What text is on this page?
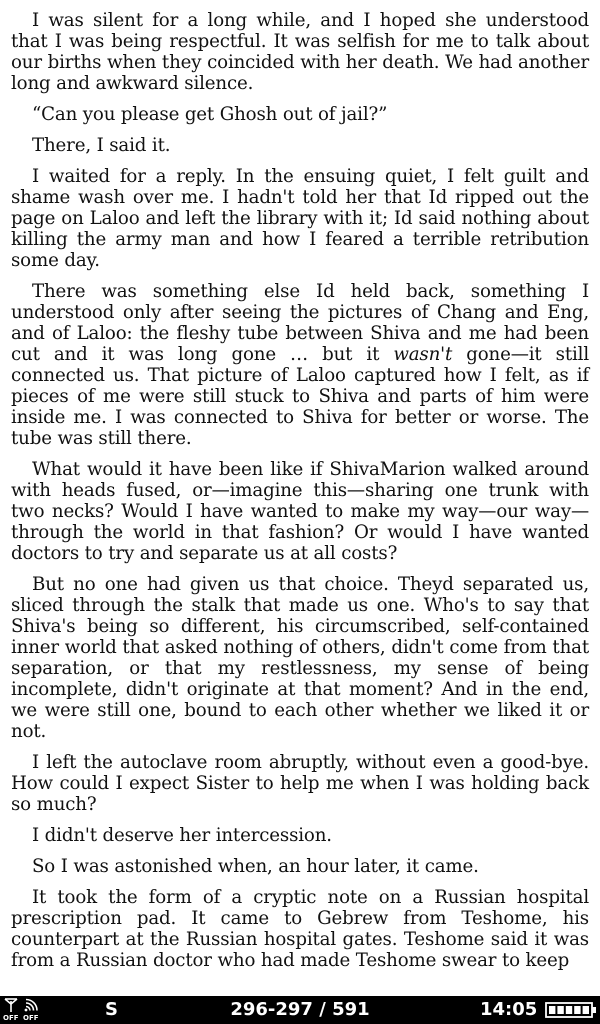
I was silent for a long while, and I hoped she understood that I was being respectful. It was selfish for me to talk about our births when they coincided with her death. We had another long and awkward silence.

“Can you please get Ghosh out of jail?”

There, I said it.

I waited for a reply. In the ensuing quiet, I felt guilt and shame wash over me. I hadn't told her that Id ripped out the page on Laloo and left the library with it; Id said nothing about killing the army man and how I feared a terrible retribution some day.

There was something else Id held back, something I understood only after seeing the pictures of Chang and Eng, and of Laloo: the fleshy tube between Shiva and me had been cut and it was long gone … but it wasn't gone—it still connected us. That picture of Laloo captured how I felt, as if pieces of me were still stuck to Shiva and parts of him were inside me. I was connected to Shiva for better or worse. The tube was still there.

What would it have been like if ShivaMarion walked around with heads fused, or—imagine this—sharing one trunk with two necks? Would I have wanted to make my way—our way—through the world in that fashion? Or would I have wanted doctors to try and separate us at all costs?

But no one had given us that choice. Theyd separated us, sliced through the stalk that made us one. Who's to say that Shiva's being so different, his circumscribed, self-contained inner world that asked nothing of others, didn't come from that separation, or that my restlessness, my sense of being incomplete, didn't originate at that moment? And in the end, we were still one, bound to each other whether we liked it or not.

I left the autoclave room abruptly, without even a good-bye. How could I expect Sister to help me when I was holding back so much?

I didn't deserve her intercession.

So I was astonished when, an hour later, it came.

It took the form of a cryptic note on a Russian hospital prescription pad. It came to Gebrew from Teshome, his counterpart at the Russian hospital gates. Teshome said it was from a Russian doctor who had made Teshome swear to keep

OFF OFF	S	296-297 / 591	14:05
